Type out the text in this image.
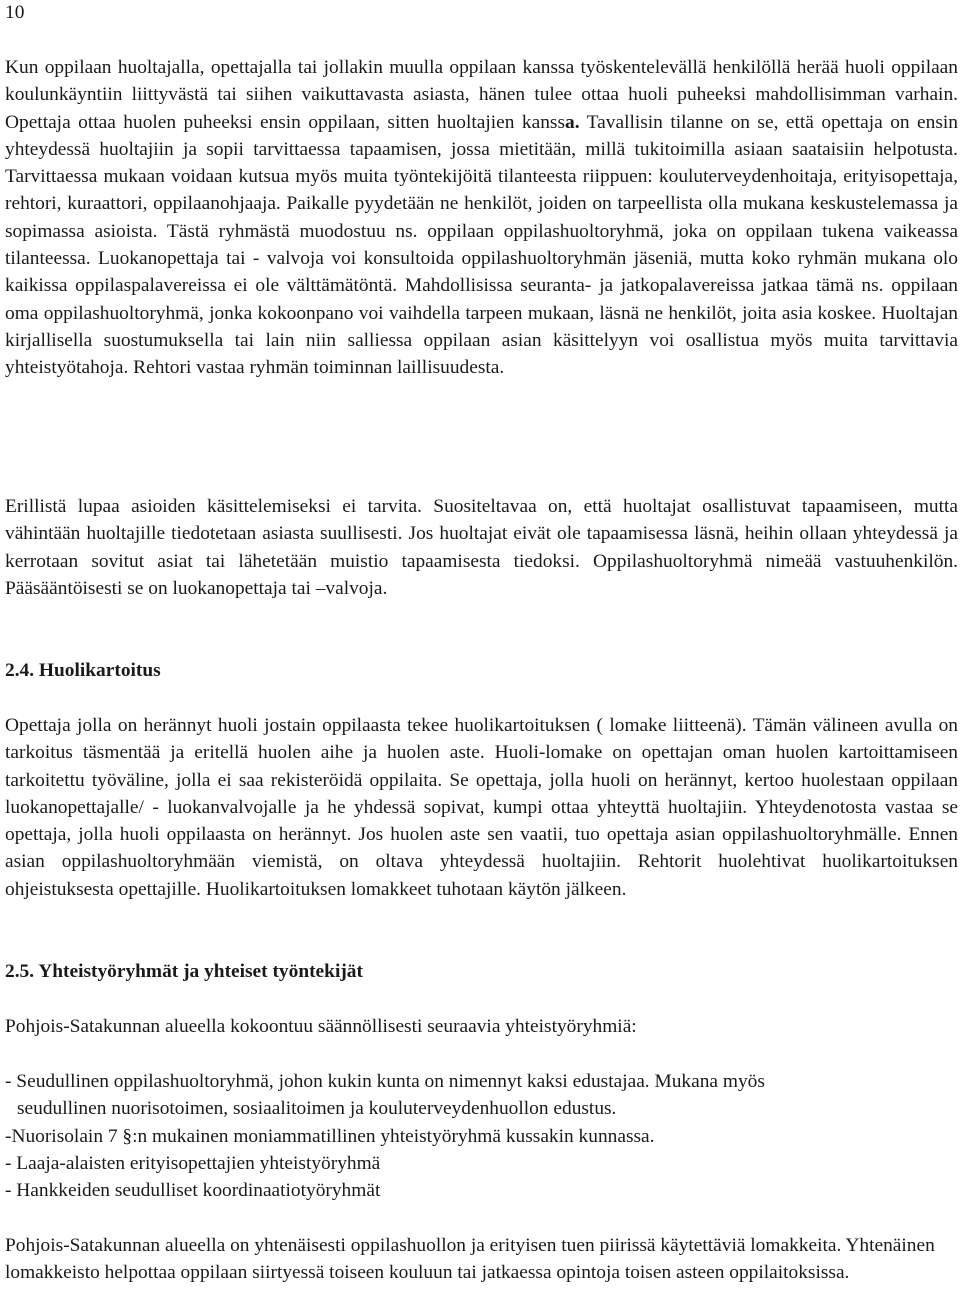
10

Kun oppilaan huoltajalla, opettajalla tai jollakin muulla oppilaan kanssa työskentelevällä henkilöllä herää huoli oppilaan koulunkäyntiin liittyvästä tai siihen vaikuttavasta asiasta, hänen tulee ottaa huoli puheeksi mahdollisimman varhain. Opettaja ottaa huolen puheeksi ensin oppilaan, sitten huoltajien kanssa. Tavallisin tilanne on se, että opettaja on ensin yhteydessä huoltajiin ja sopii tarvittaessa tapaamisen, jossa mietitään, millä tukitoimilla asiaan saataisiin helpotusta. Tarvittaessa mukaan voidaan kutsua myös muita työntekijöitä tilanteesta riippuen: kouluterveydenhoitaja, erityisopettaja, rehtori, kuraattori, oppilaanohjaaja. Paikalle pyydetään ne henkilöt, joiden on tarpeellista olla mukana keskustelemassa ja sopimassa asioista. Tästä ryhmästä muodostuu ns. oppilaan oppilashuoltoryhmä, joka on oppilaan tukena vaikeassa tilanteessa. Luokanopettaja tai - valvoja voi konsultoida oppilashuoltoryhmän jäseniä, mutta koko ryhmän mukana olo kaikissa oppilaspalavereissa ei ole välttämätöntä. Mahdollisissa seuranta- ja jatkopalavereissa jatkaa tämä ns. oppilaan oma oppilashuoltoryhmä, jonka kokoonpano voi vaihdella tarpeen mukaan, läsnä ne henkilöt, joita asia koskee. Huoltajan kirjallisella suostumuksella tai lain niin salliessa oppilaan asian käsittelyyn voi osallistua myös muita tarvittavia yhteistyötahoja. Rehtori vastaa ryhmän toiminnan laillisuudesta.

Erillistä lupaa asioiden käsittelemiseksi ei tarvita. Suositeltavaa on, että huoltajat osallistuvat tapaamiseen, mutta vähintään huoltajille tiedotetaan asiasta suullisesti. Jos huoltajat eivät ole tapaamisessa läsnä, heihin ollaan yhteydessä ja kerrotaan sovitut asiat tai lähetetään muistio tapaamisesta tiedoksi. Oppilashuoltoryhmä nimeää vastuuhenkilön. Pääsääntöisesti se on luokanopettaja tai –valvoja.

2.4. Huolikartoitus

Opettaja jolla on herännyt huoli jostain oppilaasta tekee huolikartoituksen ( lomake liitteenä). Tämän välineen avulla on tarkoitus täsmentää ja eritellä huolen aihe ja huolen aste. Huoli-lomake on opettajan oman huolen kartoittamiseen tarkoitettu työväline, jolla ei saa rekisteröidä oppilaita. Se opettaja, jolla huoli on herännyt, kertoo huolestaan oppilaan luokanopettajalle/ - luokanvalvojalle ja he yhdessä sopivat, kumpi ottaa yhteyttä huoltajiin. Yhteydenotosta vastaa se opettaja, jolla huoli oppilaasta on herännyt. Jos huolen aste sen vaatii, tuo opettaja asian oppilashuoltoryhmälle. Ennen asian oppilashuoltoryhmään viemistä, on oltava yhteydessä huoltajiin. Rehtorit huolehtivat huolikartoituksen ohjeistuksesta opettajille. Huolikartoituksen lomakkeet tuhotaan käytön jälkeen.

2.5. Yhteistyöryhmät ja yhteiset työntekijät

Pohjois-Satakunnan alueella kokoontuu säännöllisesti seuraavia yhteistyöryhmiä:

- Seudullinen oppilashuoltoryhmä, johon kukin kunta on nimennyt kaksi edustajaa. Mukana myös
seudullinen nuorisotoimen, sosiaalitoimen ja kouluterveydenhuollon edustus.
-Nuorisolain 7 §:n mukainen moniammatillinen yhteistyöryhmä kussakin kunnassa.
- Laaja-alaisten erityisopettajien yhteistyöryhmä
- Hankkeiden seudulliset koordinaatiotyöryhmät

Pohjois-Satakunnan alueella on yhtenäisesti oppilashuollon ja erityisen tuen piirissä käytettäviä lomakkeita. Yhtenäinen lomakkeisto helpottaa oppilaan siirtyessä toiseen kouluun tai jatkaessa opintoja toisen asteen oppilaitoksissa.
